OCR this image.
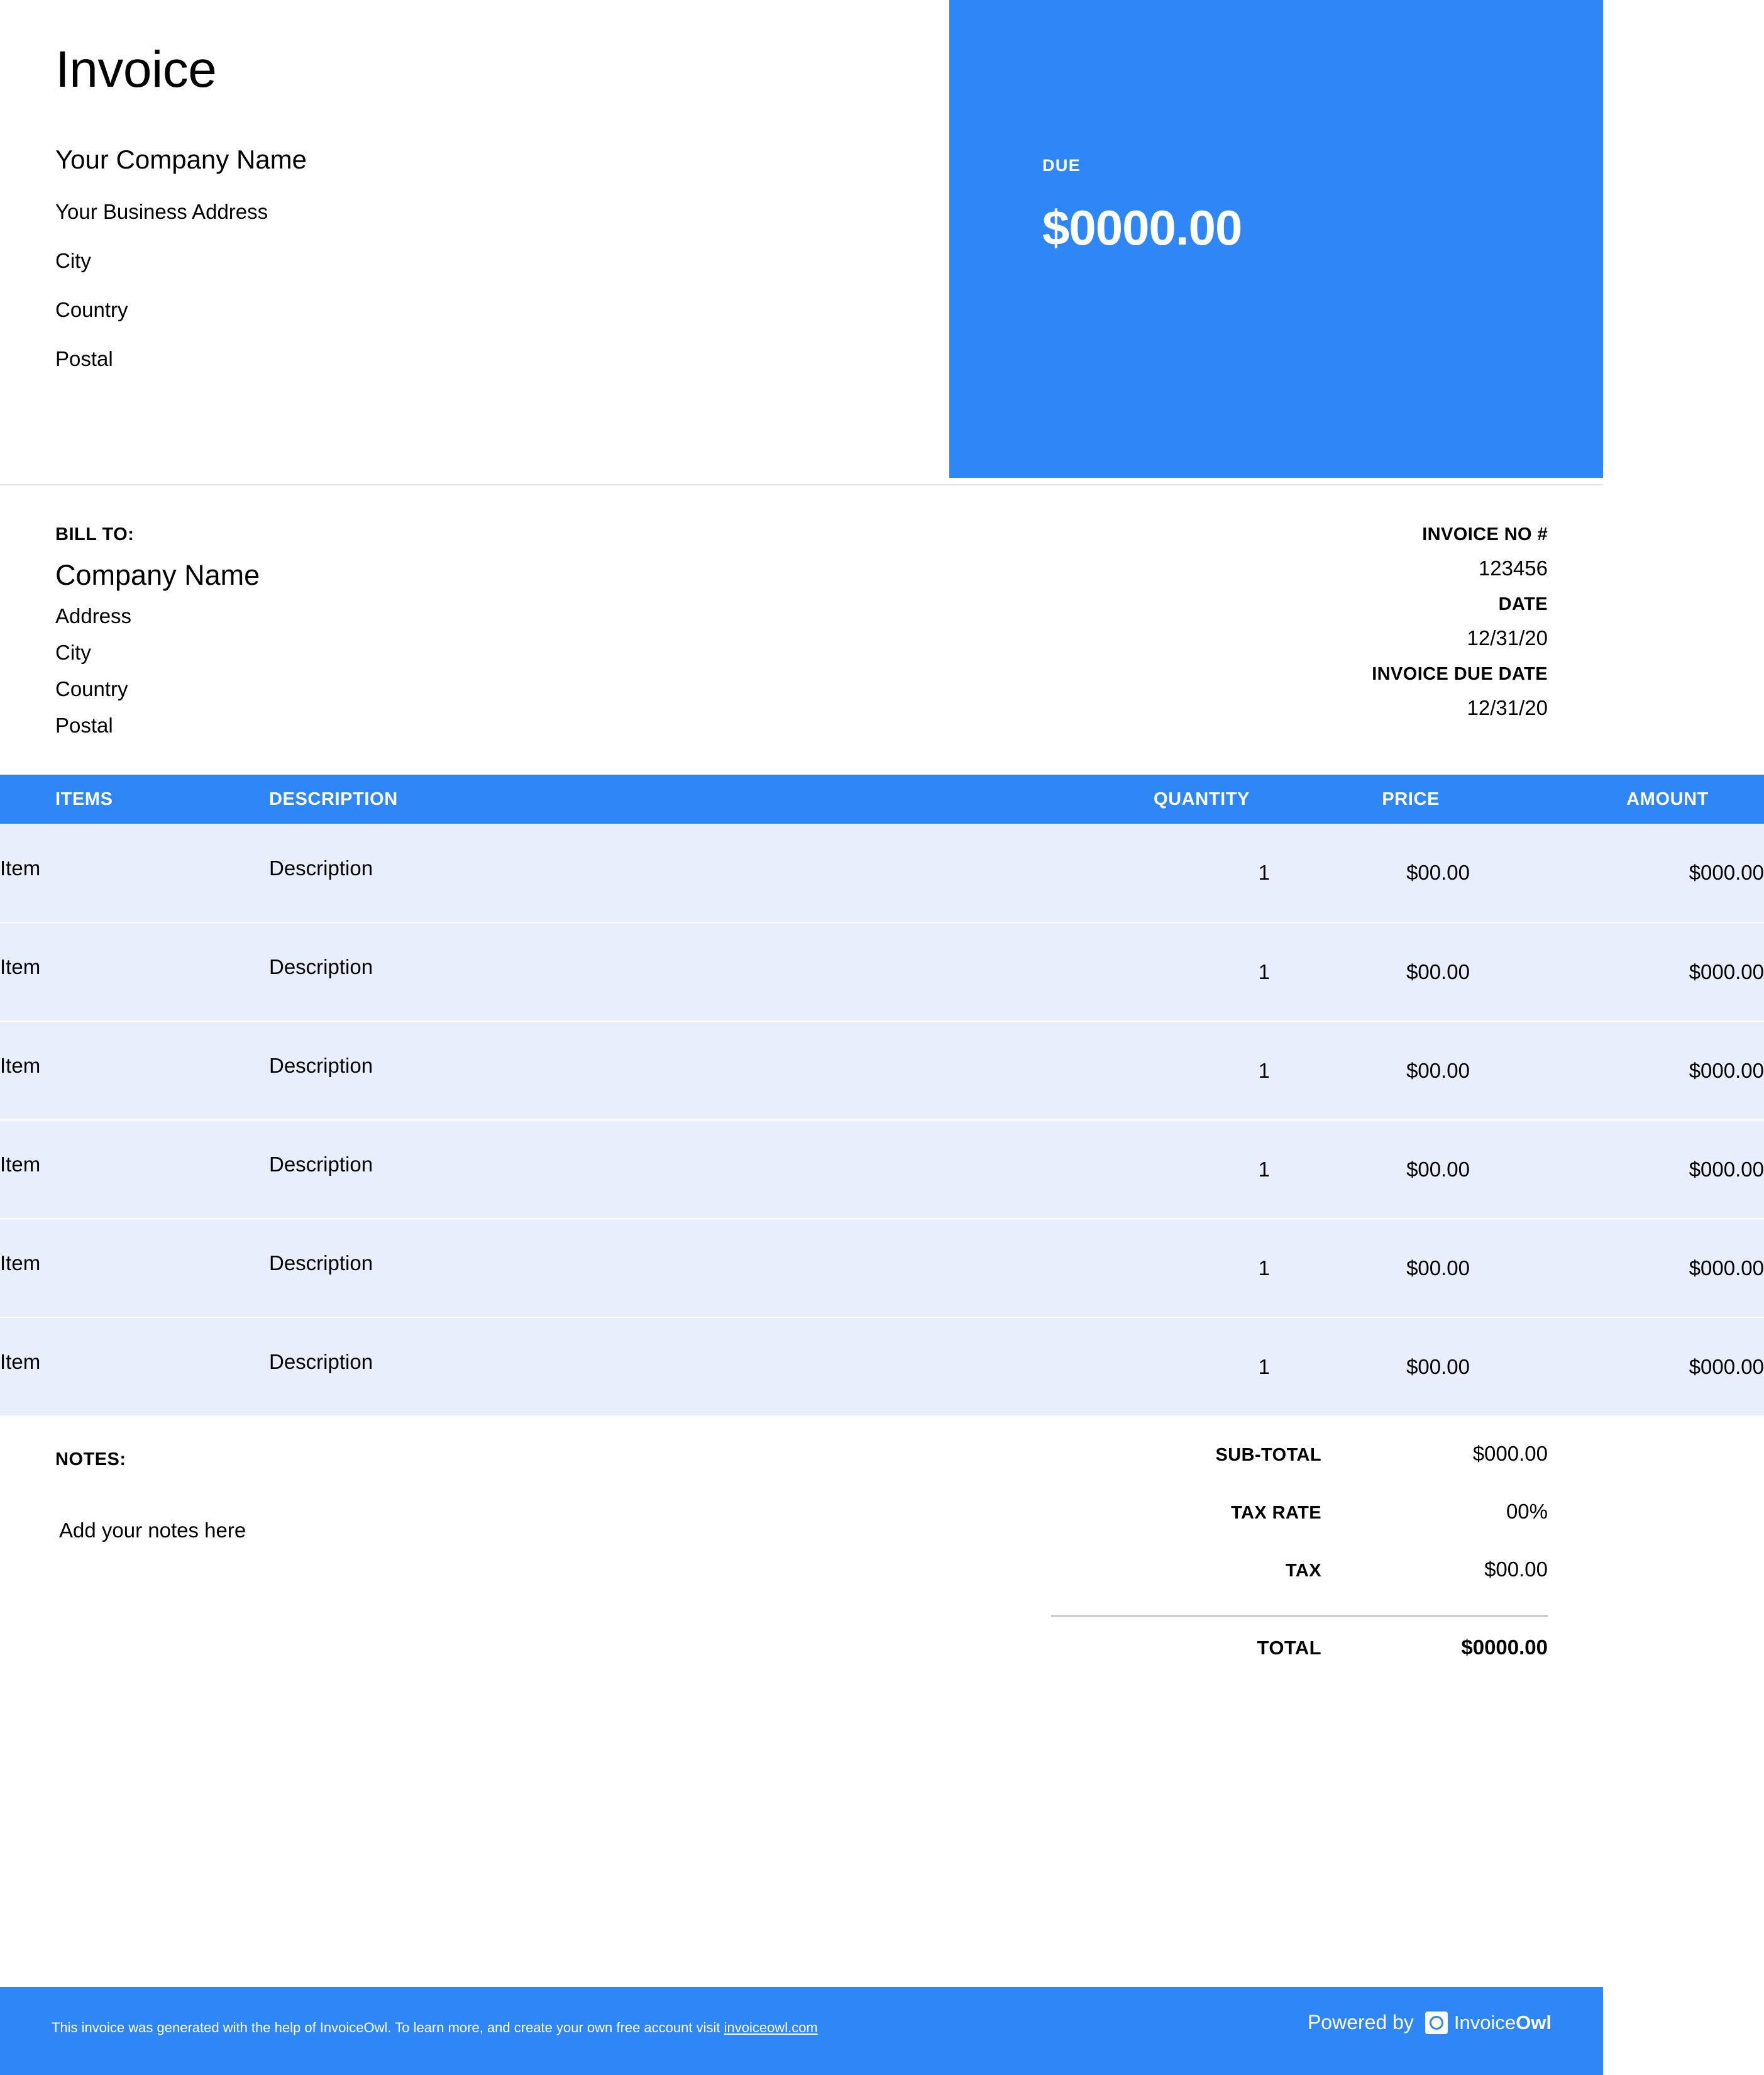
Invoice
Your Company Name
Your Business Address
City
Country
Postal
DUE
$0000.00
BILL TO:
Company Name
Address
City
Country
Postal
INVOICE NO #
123456
DATE
12/31/20
INVOICE DUE DATE
12/31/20
ITEMS	DESCRIPTION	QUANTITY	PRICE	AMOUNT
Item	Description	1	$00.00	$000.00
Item	Description	1	$00.00	$000.00
Item	Description	1	$00.00	$000.00
Item	Description	1	$00.00	$000.00
Item	Description	1	$00.00	$000.00
Item	Description	1	$00.00	$000.00
NOTES:
Add your notes here
SUB-TOTAL	$000.00
TAX RATE	00%
TAX	$00.00
TOTAL	$0000.00
This invoice was generated with the help of InvoiceOwl. To learn more, and create your own free account visit invoiceowl.com	Powered by InvoiceOwl
